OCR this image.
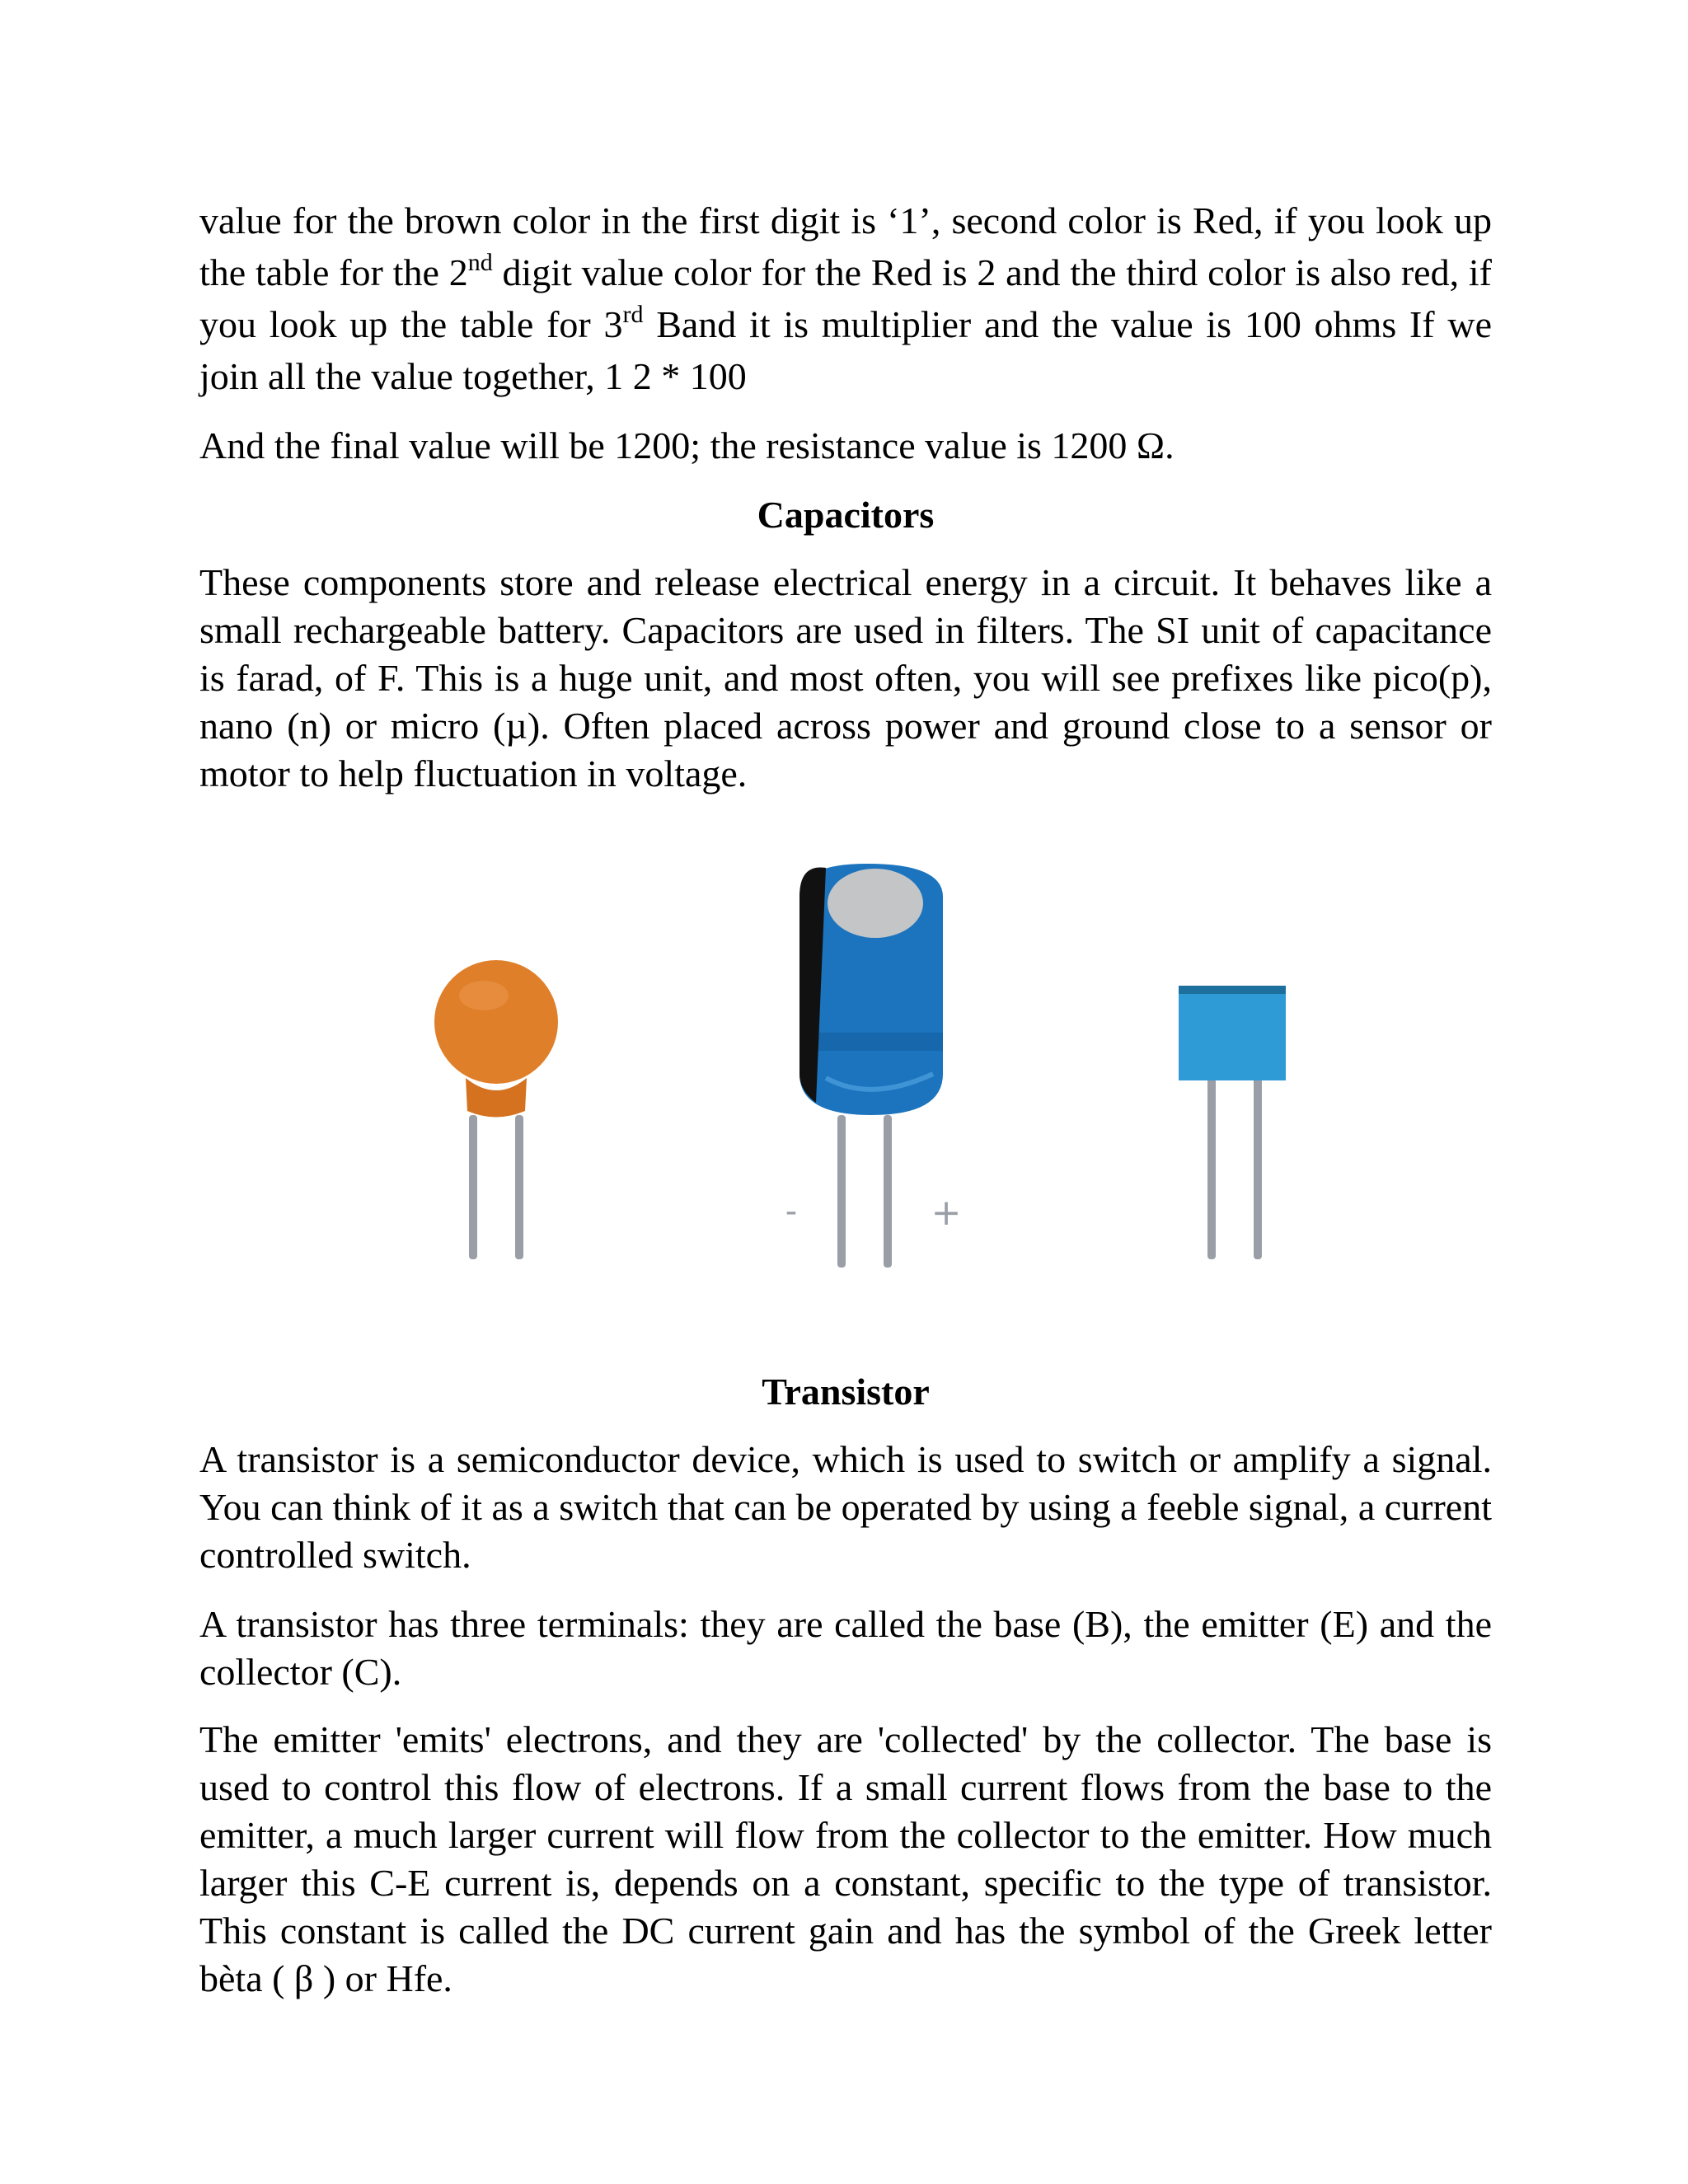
value for the brown color in the first digit is ‘1’, second color is Red, if you look up the table for the 2nd digit value color for the Red is 2 and the third color is also red, if you look up the table for 3rd Band it is multiplier and the value is 100 ohms If we join all the value together, 1 2 * 100

And the final value will be 1200; the resistance value is 1200 Ω.

Capacitors

These components store and release electrical energy in a circuit. It behaves like a small rechargeable battery. Capacitors are used in filters. The SI unit of capacitance is farad, of F. This is a huge unit, and most often, you will see prefixes like pico(p), nano (n) or micro (µ). Often placed across power and ground close to a sensor or motor to help fluctuation in voltage.

-	+
Transistor

A transistor is a semiconductor device, which is used to switch or amplify a signal. You can think of it as a switch that can be operated by using a feeble signal, a current controlled switch.

A transistor has three terminals: they are called the base (B), the emitter (E) and the collector (C).

The emitter 'emits' electrons, and they are 'collected' by the collector. The base is used to control this flow of electrons. If a small current flows from the base to the emitter, a much larger current will flow from the collector to the emitter. How much larger this C-E current is, depends on a constant, specific to the type of transistor. This constant is called the DC current gain and has the symbol of the Greek letter bèta ( β ) or Hfe.
